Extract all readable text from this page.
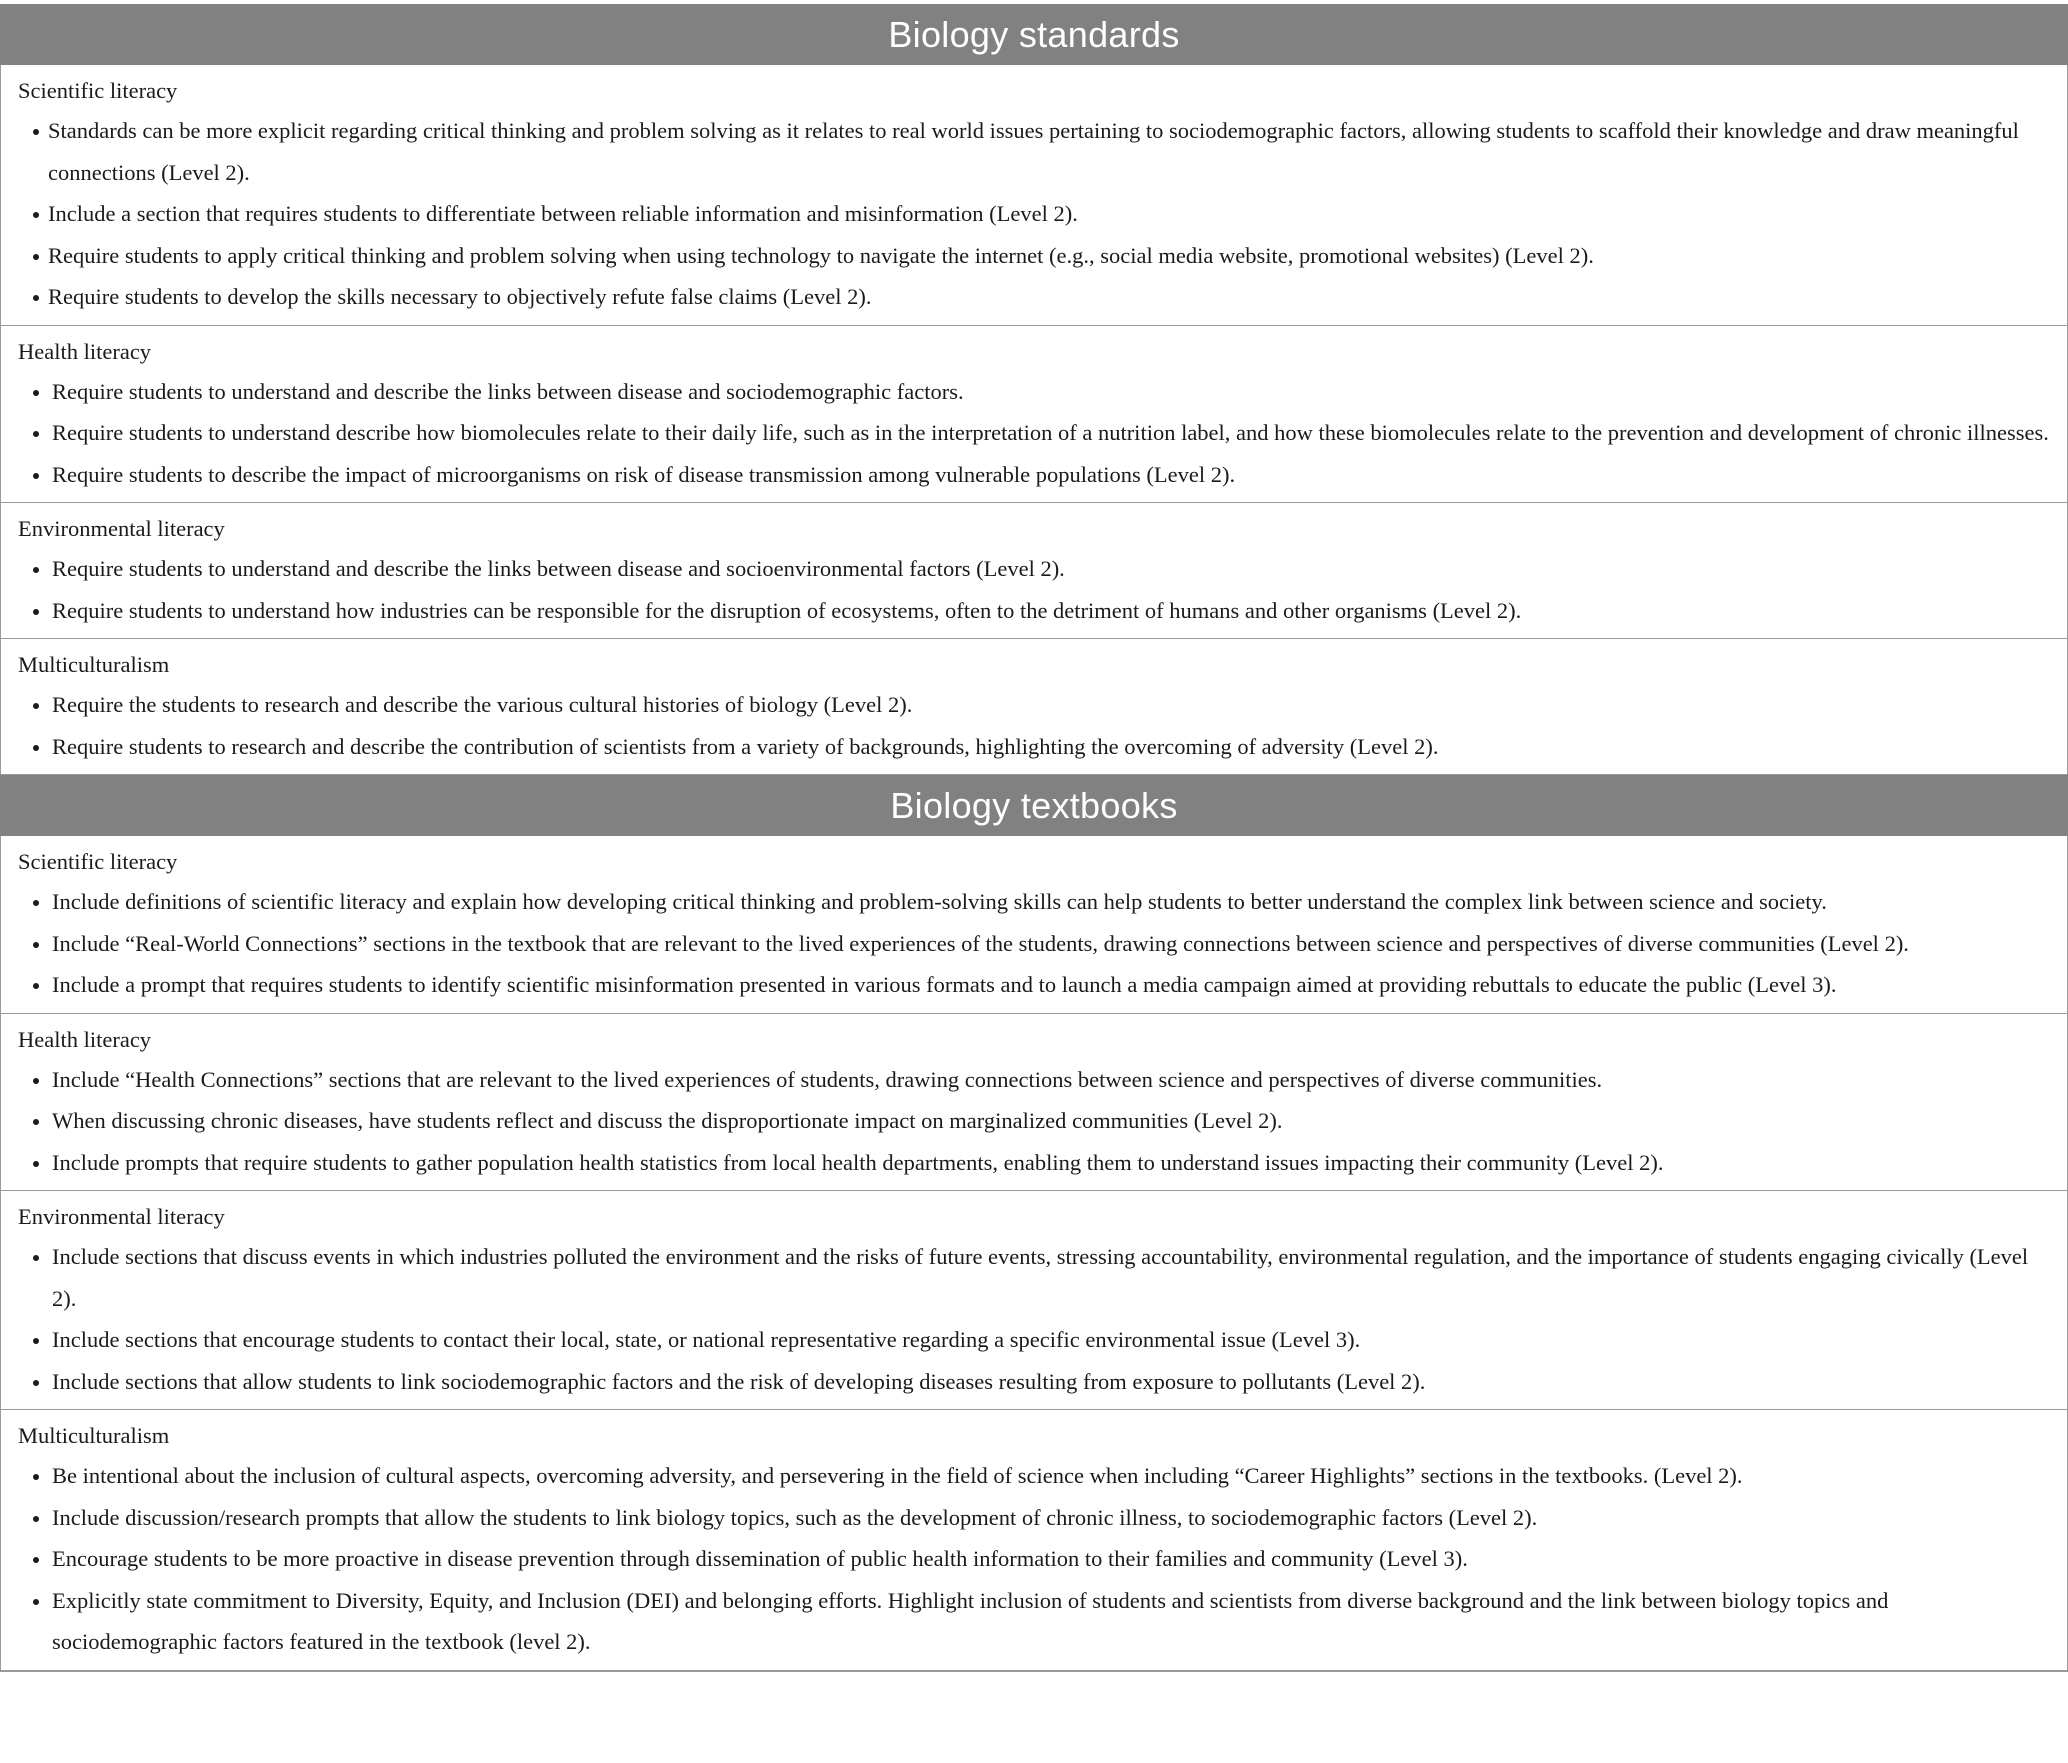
Biology standards
Scientific literacy
Standards can be more explicit regarding critical thinking and problem solving as it relates to real world issues pertaining to sociodemographic factors, allowing students to scaffold their knowledge and draw meaningful connections (Level 2).
Include a section that requires students to differentiate between reliable information and misinformation (Level 2).
Require students to apply critical thinking and problem solving when using technology to navigate the internet (e.g., social media website, promotional websites) (Level 2).
Require students to develop the skills necessary to objectively refute false claims (Level 2).
Health literacy
Require students to understand and describe the links between disease and sociodemographic factors.
Require students to understand describe how biomolecules relate to their daily life, such as in the interpretation of a nutrition label, and how these biomolecules relate to the prevention and development of chronic illnesses.
Require students to describe the impact of microorganisms on risk of disease transmission among vulnerable populations (Level 2).
Environmental literacy
Require students to understand and describe the links between disease and socioenvironmental factors (Level 2).
Require students to understand how industries can be responsible for the disruption of ecosystems, often to the detriment of humans and other organisms (Level 2).
Multiculturalism
Require the students to research and describe the various cultural histories of biology (Level 2).
Require students to research and describe the contribution of scientists from a variety of backgrounds, highlighting the overcoming of adversity (Level 2).
Biology textbooks
Scientific literacy
Include definitions of scientific literacy and explain how developing critical thinking and problem-solving skills can help students to better understand the complex link between science and society.
Include “Real-World Connections” sections in the textbook that are relevant to the lived experiences of the students, drawing connections between science and perspectives of diverse communities (Level 2).
Include a prompt that requires students to identify scientific misinformation presented in various formats and to launch a media campaign aimed at providing rebuttals to educate the public (Level 3).
Health literacy
Include “Health Connections” sections that are relevant to the lived experiences of students, drawing connections between science and perspectives of diverse communities.
When discussing chronic diseases, have students reflect and discuss the disproportionate impact on marginalized communities (Level 2).
Include prompts that require students to gather population health statistics from local health departments, enabling them to understand issues impacting their community (Level 2).
Environmental literacy
Include sections that discuss events in which industries polluted the environment and the risks of future events, stressing accountability, environmental regulation, and the importance of students engaging civically (Level 2).
Include sections that encourage students to contact their local, state, or national representative regarding a specific environmental issue (Level 3).
Include sections that allow students to link sociodemographic factors and the risk of developing diseases resulting from exposure to pollutants (Level 2).
Multiculturalism
Be intentional about the inclusion of cultural aspects, overcoming adversity, and persevering in the field of science when including “Career Highlights” sections in the textbooks. (Level 2).
Include discussion/research prompts that allow the students to link biology topics, such as the development of chronic illness, to sociodemographic factors (Level 2).
Encourage students to be more proactive in disease prevention through dissemination of public health information to their families and community (Level 3).
Explicitly state commitment to Diversity, Equity, and Inclusion (DEI) and belonging efforts. Highlight inclusion of students and scientists from diverse background and the link between biology topics and sociodemographic factors featured in the textbook (level 2).
